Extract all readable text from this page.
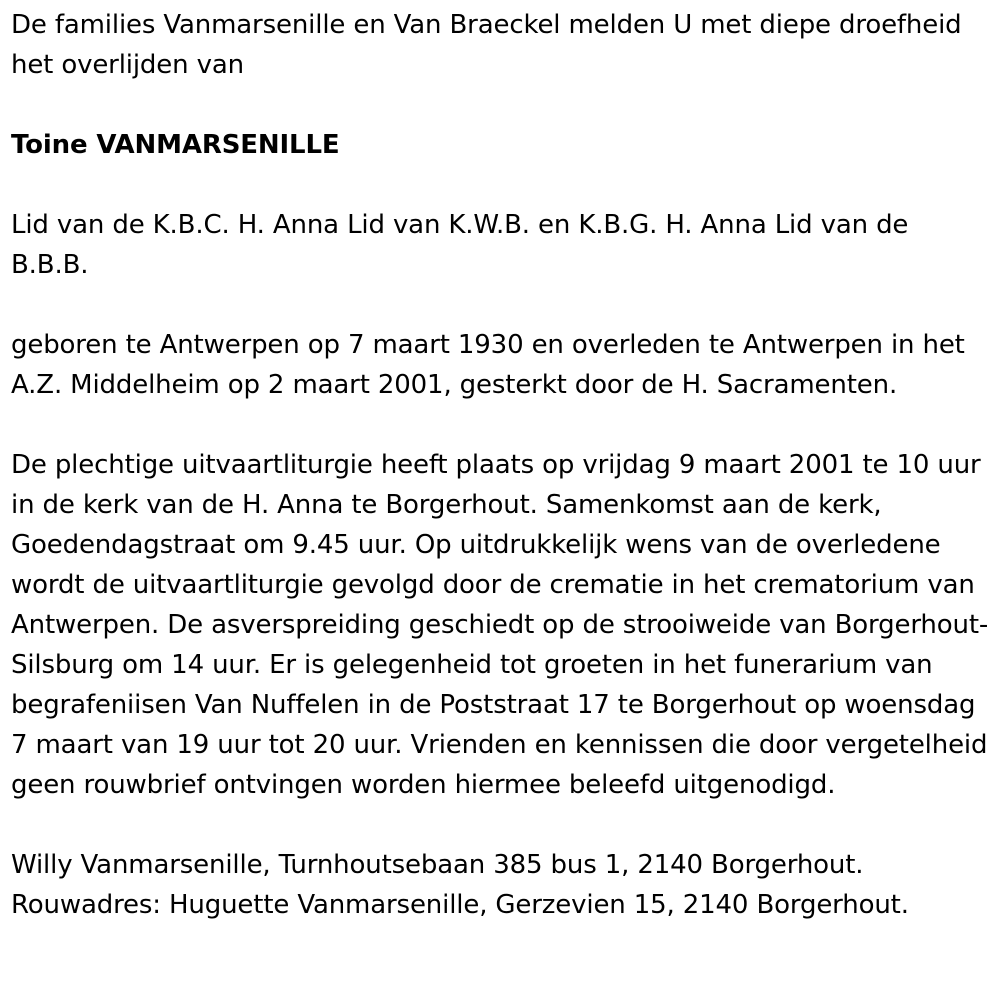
De families Vanmarsenille en Van Braeckel melden U met diepe droefheid het overlijden van

Toine VANMARSENILLE

Lid van de K.B.C. H. Anna Lid van K.W.B. en K.B.G. H. Anna Lid van de B.B.B.

geboren te Antwerpen op 7 maart 1930 en overleden te Antwerpen in het A.Z. Middelheim op 2 maart 2001, gesterkt door de H. Sacramenten.

De plechtige uitvaartliturgie heeft plaats op vrijdag 9 maart 2001 te 10 uur in de kerk van de H. Anna te Borgerhout. Samenkomst aan de kerk, Goedendagstraat om 9.45 uur. Op uitdrukkelijk wens van de overledene wordt de uitvaartliturgie gevolgd door de crematie in het crematorium van Antwerpen. De asverspreiding geschiedt op de strooiweide van Borgerhout-Silsburg om 14 uur. Er is gelegenheid tot groeten in het funerarium van begrafeniisen Van Nuffelen in de Poststraat 17 te Borgerhout op woensdag 7 maart van 19 uur tot 20 uur. Vrienden en kennissen die door vergetelheid geen rouwbrief ontvingen worden hiermee beleefd uitgenodigd.

Willy Vanmarsenille, Turnhoutsebaan 385 bus 1, 2140 Borgerhout.
Rouwadres: Huguette Vanmarsenille, Gerzevien 15, 2140 Borgerhout.
